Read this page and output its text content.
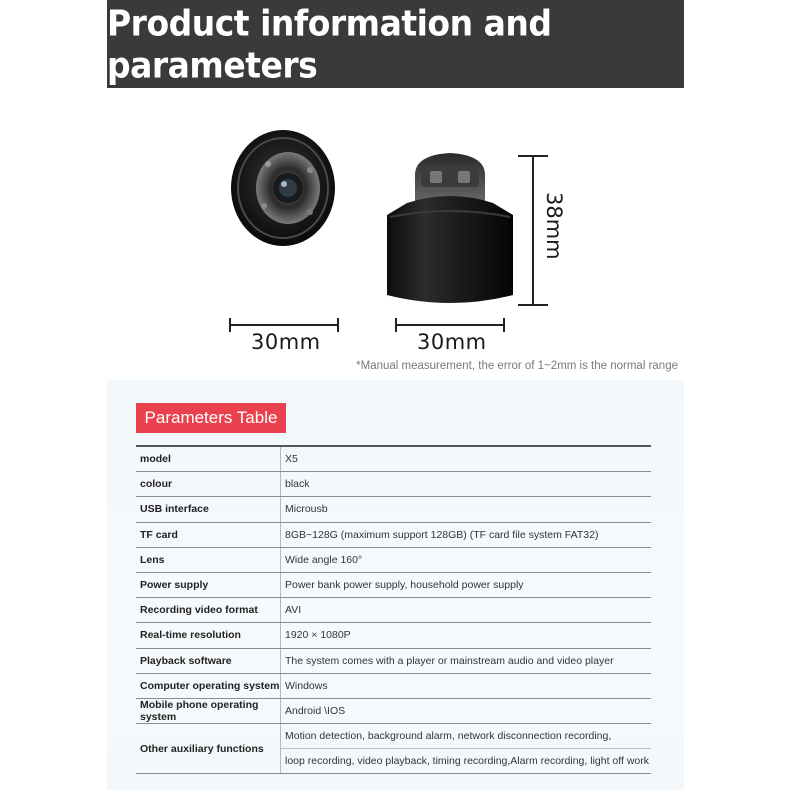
Product information and parameters
30mm	30mm
38mm
*Manual measurement, the error of 1~2mm is the normal range
Parameters Table
model	X5
colour	black
USB interface	Microusb
TF card	8GB~128G (maximum support 128GB) (TF card file system FAT32)
Lens	Wide angle 160°
Power supply	Power bank power supply, household power supply
Recording video format	AVI
Real-time resolution	1920 × 1080P
Playback software	The system comes with a player or mainstream audio and video player
Computer operating system	Windows
Mobile phone operating system	Android \IOS
Other auxiliary functions	Motion detection, background alarm, network disconnection recording,
loop recording, video playback, timing recording,Alarm recording, light off work
